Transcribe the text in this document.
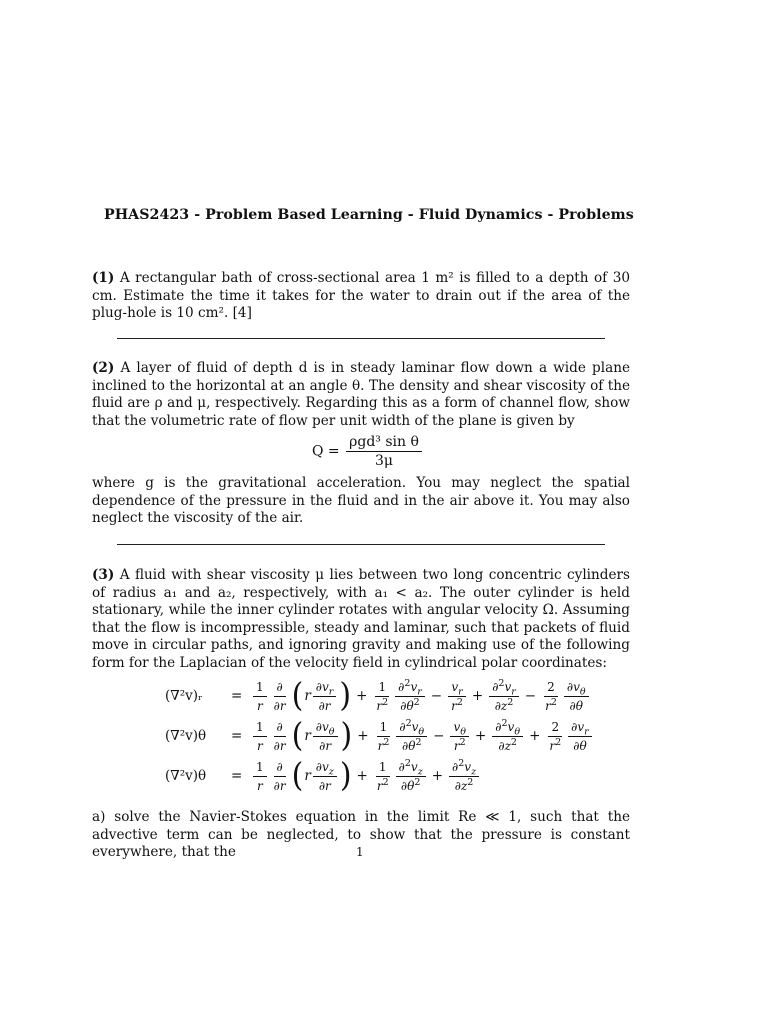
PHAS2423 - Problem Based Learning - Fluid Dynamics - Problems
(1) A rectangular bath of cross-sectional area 1 m² is filled to a depth of 30 cm. Estimate the time it takes for the water to drain out if the area of the plug-hole is 10 cm². [4]
(2) A layer of fluid of depth d is in steady laminar flow down a wide plane inclined to the horizontal at an angle θ. The density and shear viscosity of the fluid are ρ and μ, respectively. Regarding this as a form of channel flow, show that the volumetric rate of flow per unit width of the plane is given by
$Q = \frac{\text{ρgd³ sin θ}}{3\mu}$
where g is the gravitational acceleration. You may neglect the spatial dependence of the pressure in the fluid and in the air above it. You may also neglect the viscosity of the air.
(3) A fluid with shear viscosity μ lies between two long concentric cylinders of radius a₁ and a₂, respectively, with a₁ < a₂. The outer cylinder is held stationary, while the inner cylinder rotates with angular velocity Ω. Assuming that the flow is incompressible, steady and laminar, such that packets of fluid move in circular paths, and ignoring gravity and making use of the following form for the Laplacian of the velocity field in cylindrical polar coordinates:
(∇²v)ᵣ	= $\frac{1}{r} \frac{\partial}{\partial r}$ ( r $\frac{\partial v_r}{\partial r}$ ) + $\frac{1}{r^2} \frac{\partial^2v_r}{\partial\theta^2} - \frac{v_r}{r^2} + \frac{\partial^2v_r}{\partial z^2} - \frac{2}{r^2} \frac{\partial v_\theta}{\partial\theta}$
(∇²v)θ	= $\frac{1}{r} \frac{\partial}{\partial r}$ ( r $\frac{\partial v_\theta}{\partial r}$ ) + $\frac{1}{r^2} \frac{\partial^2v_\theta}{\partial\theta^2} - \frac{v_\theta}{r^2} + \frac{\partial^2v_\theta}{\partial z^2} + \frac{2}{r^2} \frac{\partial v_r}{\partial\theta}$
(∇²v)θ	= $\frac{1}{r} \frac{\partial}{\partial r}$ ( r $\frac{\partial v_z}{\partial r}$ ) + $\frac{1}{r^2} \frac{\partial^2v_z}{\partial\theta^2} + \frac{\partial^2v_z}{\partial z^2}$
a) solve the Navier-Stokes equation in the limit Re ≪ 1, such that the advective term can be neglected, to show that the pressure is constant everywhere, that the	1
